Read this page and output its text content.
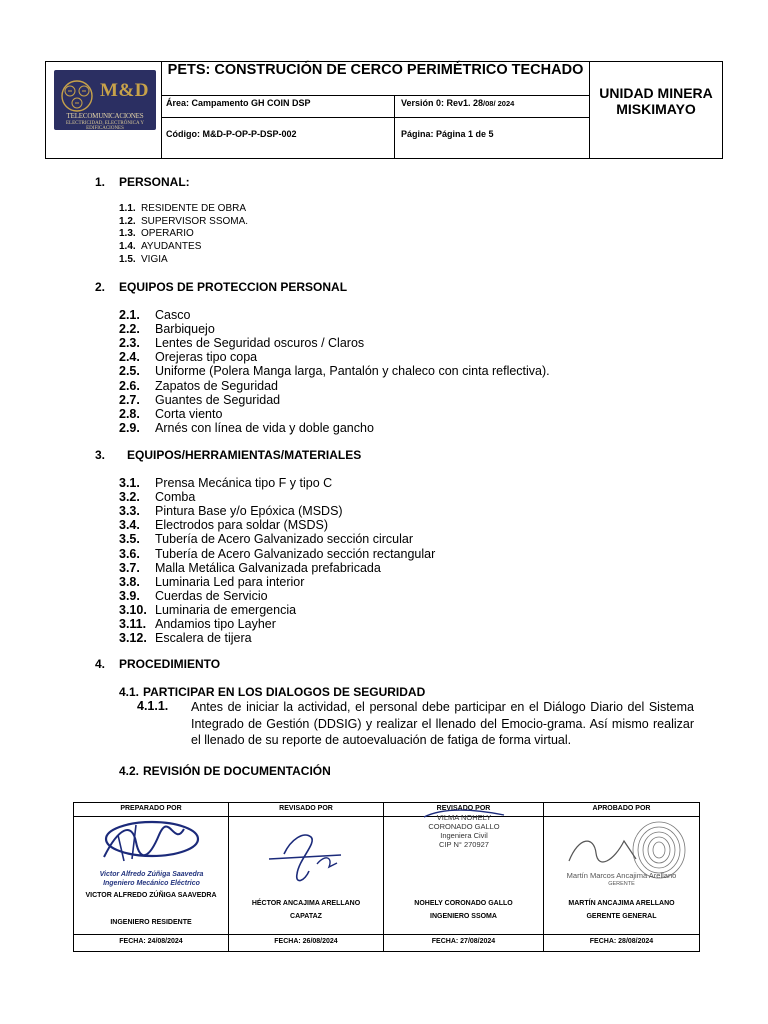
M&D
TELECOMUNICACIONES
ELECTRICIDAD, ELECTRÓNICA Y EDIFICACIONES
PETS: CONSTRUCIÓN DE CERCO PERIMÉTRICO TECHADO
Área: Campamento GH COIN DSP	Versión 0: Rev1. 28/08/ 2024
Código: M&D-P-OP-P-DSP-002	Página: Página 1 de 5
UNIDAD MINERA MISKIMAYO
1. PERSONAL:
1.1. RESIDENTE DE OBRA
1.2. SUPERVISOR SSOMA.
1.3. OPERARIO
1.4. AYUDANTES
1.5. VIGIA
2. EQUIPOS DE PROTECCION PERSONAL
2.1. Casco
2.2. Barbiquejo
2.3. Lentes de Seguridad oscuros / Claros
2.4. Orejeras tipo copa
2.5. Uniforme (Polera Manga larga, Pantalón y chaleco con cinta reflectiva).
2.6. Zapatos de Seguridad
2.7. Guantes de Seguridad
2.8. Corta viento
2.9. Arnés con línea de vida y doble gancho
3. EQUIPOS/HERRAMIENTAS/MATERIALES
3.1. Prensa Mecánica tipo F y tipo C
3.2. Comba
3.3. Pintura Base y/o Epóxica (MSDS)
3.4. Electrodos para soldar (MSDS)
3.5. Tubería de Acero Galvanizado sección circular
3.6. Tubería de Acero Galvanizado sección rectangular
3.7. Malla Metálica Galvanizada prefabricada
3.8. Luminaria Led para interior
3.9. Cuerdas de Servicio
3.10. Luminaria de emergencia
3.11. Andamios tipo Layher
3.12. Escalera de tijera
4. PROCEDIMIENTO
4.1. PARTICIPAR EN LOS DIALOGOS DE SEGURIDAD
4.1.1. Antes de iniciar la actividad, el personal debe participar en el Diálogo Diario del Sistema Integrado de Gestión (DDSIG) y realizar el llenado del Emocio-grama. Así mismo realizar el llenado de su reporte de autoevaluación de fatiga de forma virtual.
4.2. REVISIÓN DE DOCUMENTACIÓN
PREPARADO POR
Victor Alfredo Zúñiga Saavedra
Ingeniero Mecánico Eléctrico
VICTOR ALFREDO ZÚÑIGA SAAVEDRA
INGENIERO RESIDENTE
FECHA: 24/08/2024
REVISADO POR
HÉCTOR ANCAJIMA ARELLANO
CAPATAZ
FECHA: 26/08/2024
REVISADO POR
VILMA NOHELY
CORONADO GALLO
Ingeniera Civil
CIP N° 270927
NOHELY CORONADO GALLO
INGENIERO SSOMA
FECHA: 27/08/2024
APROBADO POR
Martín Marcos Ancajima Arellano
GERENTE
MARTÍN ANCAJIMA ARELLANO
GERENTE GENERAL
FECHA: 28/08/2024
